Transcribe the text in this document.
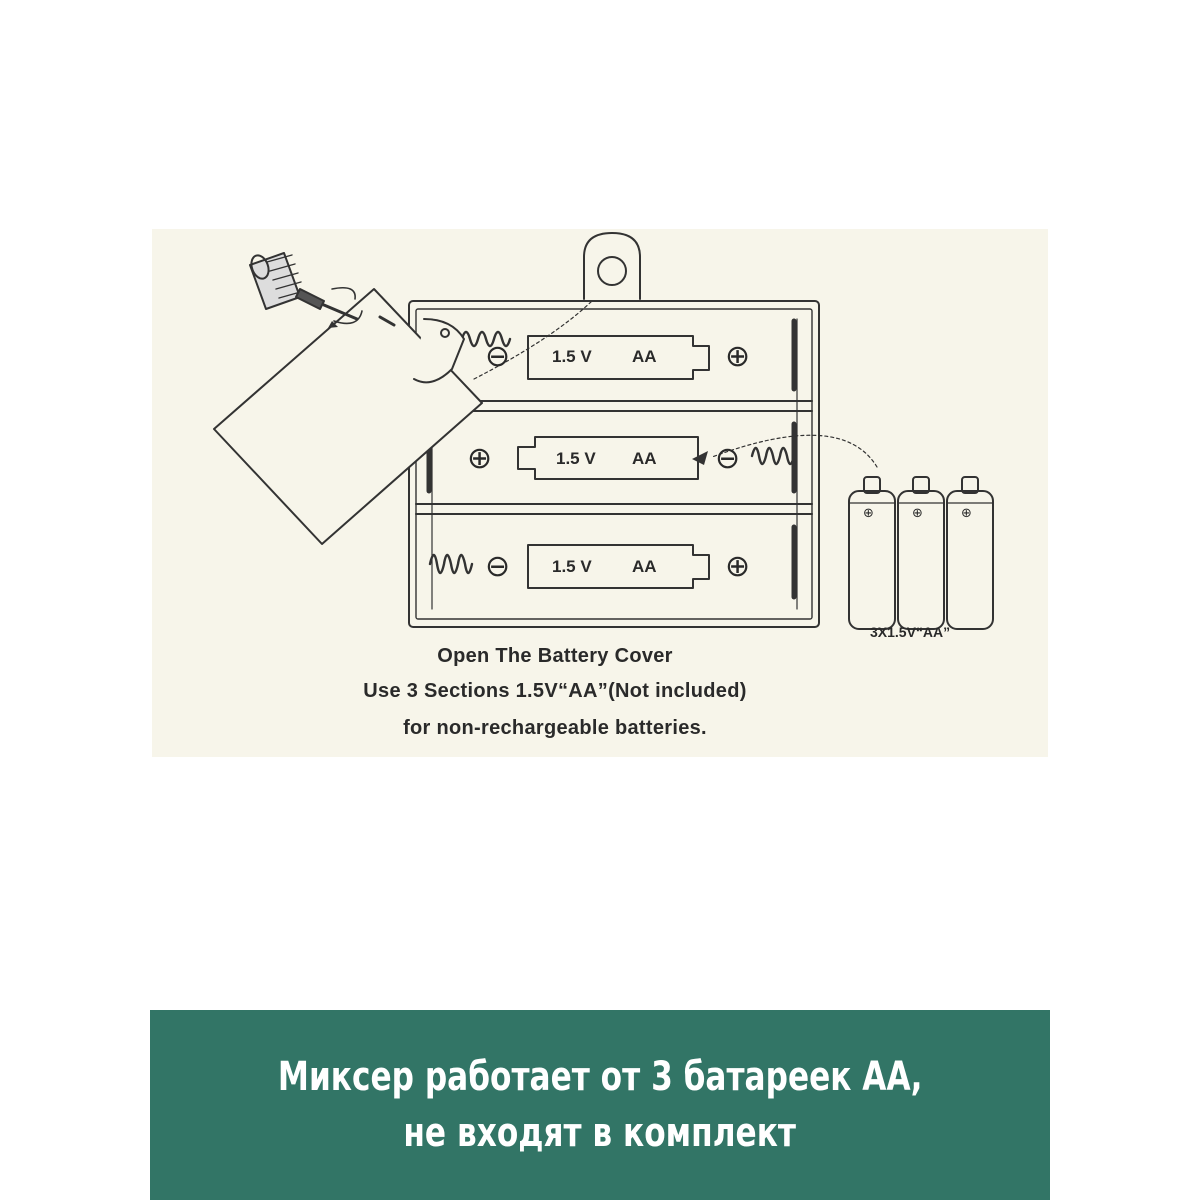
1.5 V AA
1.5 V AA
1.5 V AA
3X1.5V“AA”
⊖	⊕
⊕	⊖
⊖	⊕
⊕	⊕	⊕
Open The Battery Cover
Use 3 Sections 1.5V“AA”(Not included)
for non-rechargeable batteries.
Миксер работает от 3 батареек АА,
не входят в комплект
